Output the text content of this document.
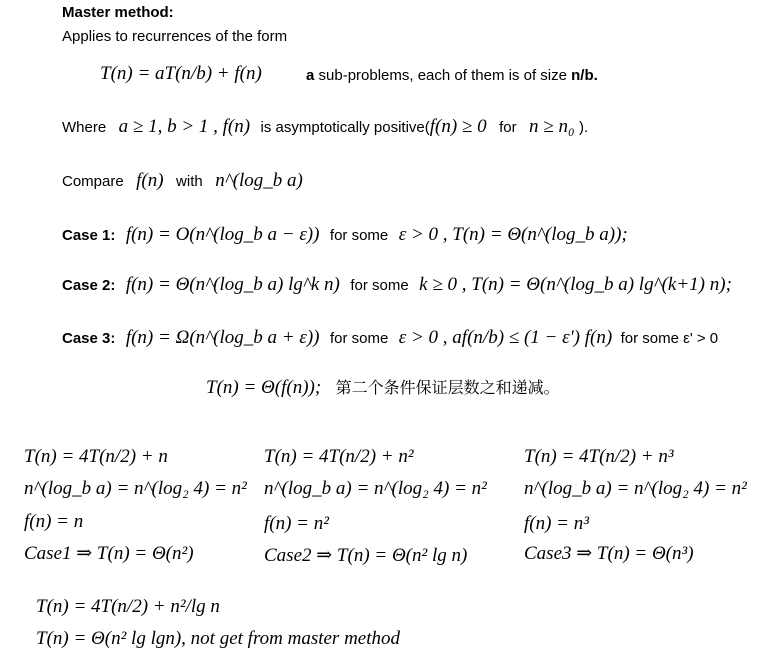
Master method:
Applies to recurrences of the form
T(n) = aT(n/b) + f(n)	a sub-problems, each of them is of size n/b.
Where a ≥ 1, b > 1 , f(n) is asymptotically positive(f(n) ≥ 0 for n ≥ n₀ ).
Compare f(n) with n^(log_b a)
Case 1: f(n) = O(n^(log_b a − ε)) for some ε > 0 , T(n) = Θ(n^(log_b a));
Case 2: f(n) = Θ(n^(log_b a) lg^k n) for some k ≥ 0 , T(n) = Θ(n^(log_b a) lg^(k+1) n);
Case 3: f(n) = Ω(n^(log_b a + ε)) for some ε > 0 , af(n/b) ≤ (1 − ε') f(n) for some ε' > 0
T(n) = Θ(f(n)); 第二个条件保证层数之和递减。
T(n) = 4T(n/2) + n
n^(log_b a) = n^(log₂ 4) = n²
f(n) = n
Case1 ⇒ T(n) = Θ(n²)
T(n) = 4T(n/2) + n²
n^(log_b a) = n^(log₂ 4) = n²
f(n) = n²
Case2 ⇒ T(n) = Θ(n² lg n)
T(n) = 4T(n/2) + n³
n^(log_b a) = n^(log₂ 4) = n²
f(n) = n³
Case3 ⇒ T(n) = Θ(n³)
T(n) = 4T(n/2) + n²/lg n
T(n) = Θ(n² lg lgn), not get from master method
